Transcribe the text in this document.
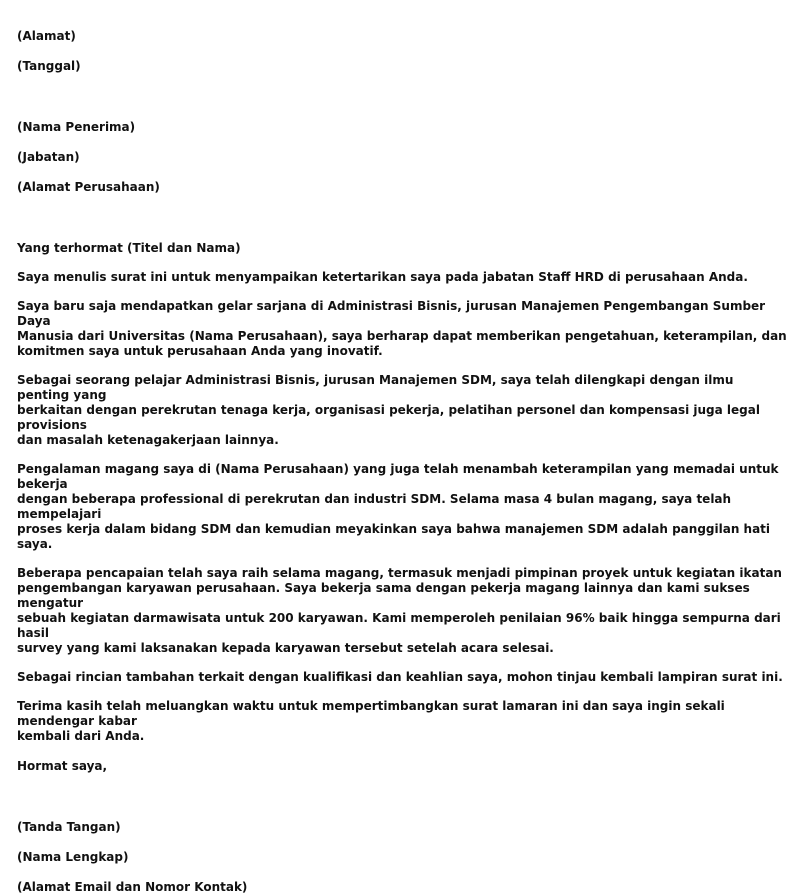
(Alamat)

(Tanggal)

(Nama Penerima)

(Jabatan)

(Alamat Perusahaan)

Yang terhormat (Titel dan Nama)

Saya menulis surat ini untuk menyampaikan ketertarikan saya pada jabatan Staff HRD di perusahaan Anda.

Saya baru saja mendapatkan gelar sarjana di Administrasi Bisnis, jurusan Manajemen Pengembangan Sumber Daya
Manusia dari Universitas (Nama Perusahaan), saya berharap dapat memberikan pengetahuan, keterampilan, dan
komitmen saya untuk perusahaan Anda yang inovatif.

Sebagai seorang pelajar Administrasi Bisnis, jurusan Manajemen SDM, saya telah dilengkapi dengan ilmu penting yang
berkaitan dengan perekrutan tenaga kerja, organisasi pekerja, pelatihan personel dan kompensasi juga legal provisions
dan masalah ketenagakerjaan lainnya.

Pengalaman magang saya di (Nama Perusahaan) yang juga telah menambah keterampilan yang memadai untuk bekerja
dengan beberapa professional di perekrutan dan industri SDM. Selama masa 4 bulan magang, saya telah mempelajari
proses kerja dalam bidang SDM dan kemudian meyakinkan saya bahwa manajemen SDM adalah panggilan hati saya.

Beberapa pencapaian telah saya raih selama magang, termasuk menjadi pimpinan proyek untuk kegiatan ikatan
pengembangan karyawan perusahaan. Saya bekerja sama dengan pekerja magang lainnya dan kami sukses mengatur
sebuah kegiatan darmawisata untuk 200 karyawan. Kami memperoleh penilaian 96% baik hingga sempurna dari hasil
survey yang kami laksanakan kepada karyawan tersebut setelah acara selesai.

Sebagai rincian tambahan terkait dengan kualifikasi dan keahlian saya, mohon tinjau kembali lampiran surat ini.

Terima kasih telah meluangkan waktu untuk mempertimbangkan surat lamaran ini dan saya ingin sekali mendengar kabar
kembali dari Anda.

Hormat saya,

(Tanda Tangan)

(Nama Lengkap)

(Alamat Email dan Nomor Kontak)
